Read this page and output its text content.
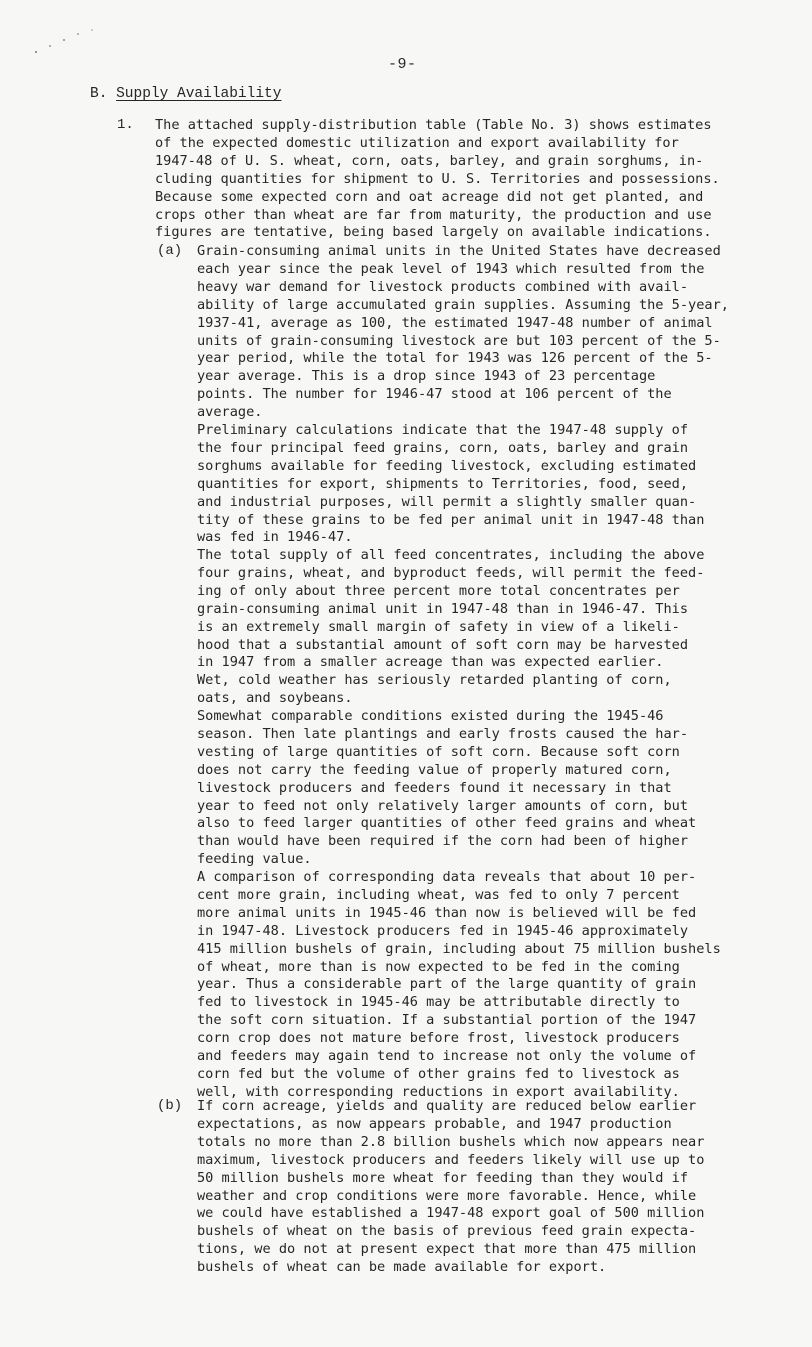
-9-
B. Supply Availability
1. The attached supply-distribution table (Table No. 3) shows estimates
of the expected domestic utilization and export availability for
1947-48 of U. S. wheat, corn, oats, barley, and grain sorghums, in-
cluding quantities for shipment to U. S. Territories and possessions.
Because some expected corn and oat acreage did not get planted, and
crops other than wheat are far from maturity, the production and use
figures are tentative, being based largely on available indications.
(a) Grain-consuming animal units in the United States have decreased
each year since the peak level of 1943 which resulted from the
heavy war demand for livestock products combined with avail-
ability of large accumulated grain supplies. Assuming the 5-year,
1937-41, average as 100, the estimated 1947-48 number of animal
units of grain-consuming livestock are but 103 percent of the 5-
year period, while the total for 1943 was 126 percent of the 5-
year average. This is a drop since 1943 of 23 percentage
points. The number for 1946-47 stood at 106 percent of the
average.
Preliminary calculations indicate that the 1947-48 supply of
the four principal feed grains, corn, oats, barley and grain
sorghums available for feeding livestock, excluding estimated
quantities for export, shipments to Territories, food, seed,
and industrial purposes, will permit a slightly smaller quan-
tity of these grains to be fed per animal unit in 1947-48 than
was fed in 1946-47.
The total supply of all feed concentrates, including the above
four grains, wheat, and byproduct feeds, will permit the feed-
ing of only about three percent more total concentrates per
grain-consuming animal unit in 1947-48 than in 1946-47. This
is an extremely small margin of safety in view of a likeli-
hood that a substantial amount of soft corn may be harvested
in 1947 from a smaller acreage than was expected earlier.
Wet, cold weather has seriously retarded planting of corn,
oats, and soybeans.
Somewhat comparable conditions existed during the 1945-46
season. Then late plantings and early frosts caused the har-
vesting of large quantities of soft corn. Because soft corn
does not carry the feeding value of properly matured corn,
livestock producers and feeders found it necessary in that
year to feed not only relatively larger amounts of corn, but
also to feed larger quantities of other feed grains and wheat
than would have been required if the corn had been of higher
feeding value.
A comparison of corresponding data reveals that about 10 per-
cent more grain, including wheat, was fed to only 7 percent
more animal units in 1945-46 than now is believed will be fed
in 1947-48. Livestock producers fed in 1945-46 approximately
415 million bushels of grain, including about 75 million bushels
of wheat, more than is now expected to be fed in the coming
year. Thus a considerable part of the large quantity of grain
fed to livestock in 1945-46 may be attributable directly to
the soft corn situation. If a substantial portion of the 1947
corn crop does not mature before frost, livestock producers
and feeders may again tend to increase not only the volume of
corn fed but the volume of other grains fed to livestock as
well, with corresponding reductions in export availability.
(b) If corn acreage, yields and quality are reduced below earlier
expectations, as now appears probable, and 1947 production
totals no more than 2.8 billion bushels which now appears near
maximum, livestock producers and feeders likely will use up to
50 million bushels more wheat for feeding than they would if
weather and crop conditions were more favorable. Hence, while
we could have established a 1947-48 export goal of 500 million
bushels of wheat on the basis of previous feed grain expecta-
tions, we do not at present expect that more than 475 million
bushels of wheat can be made available for export.
